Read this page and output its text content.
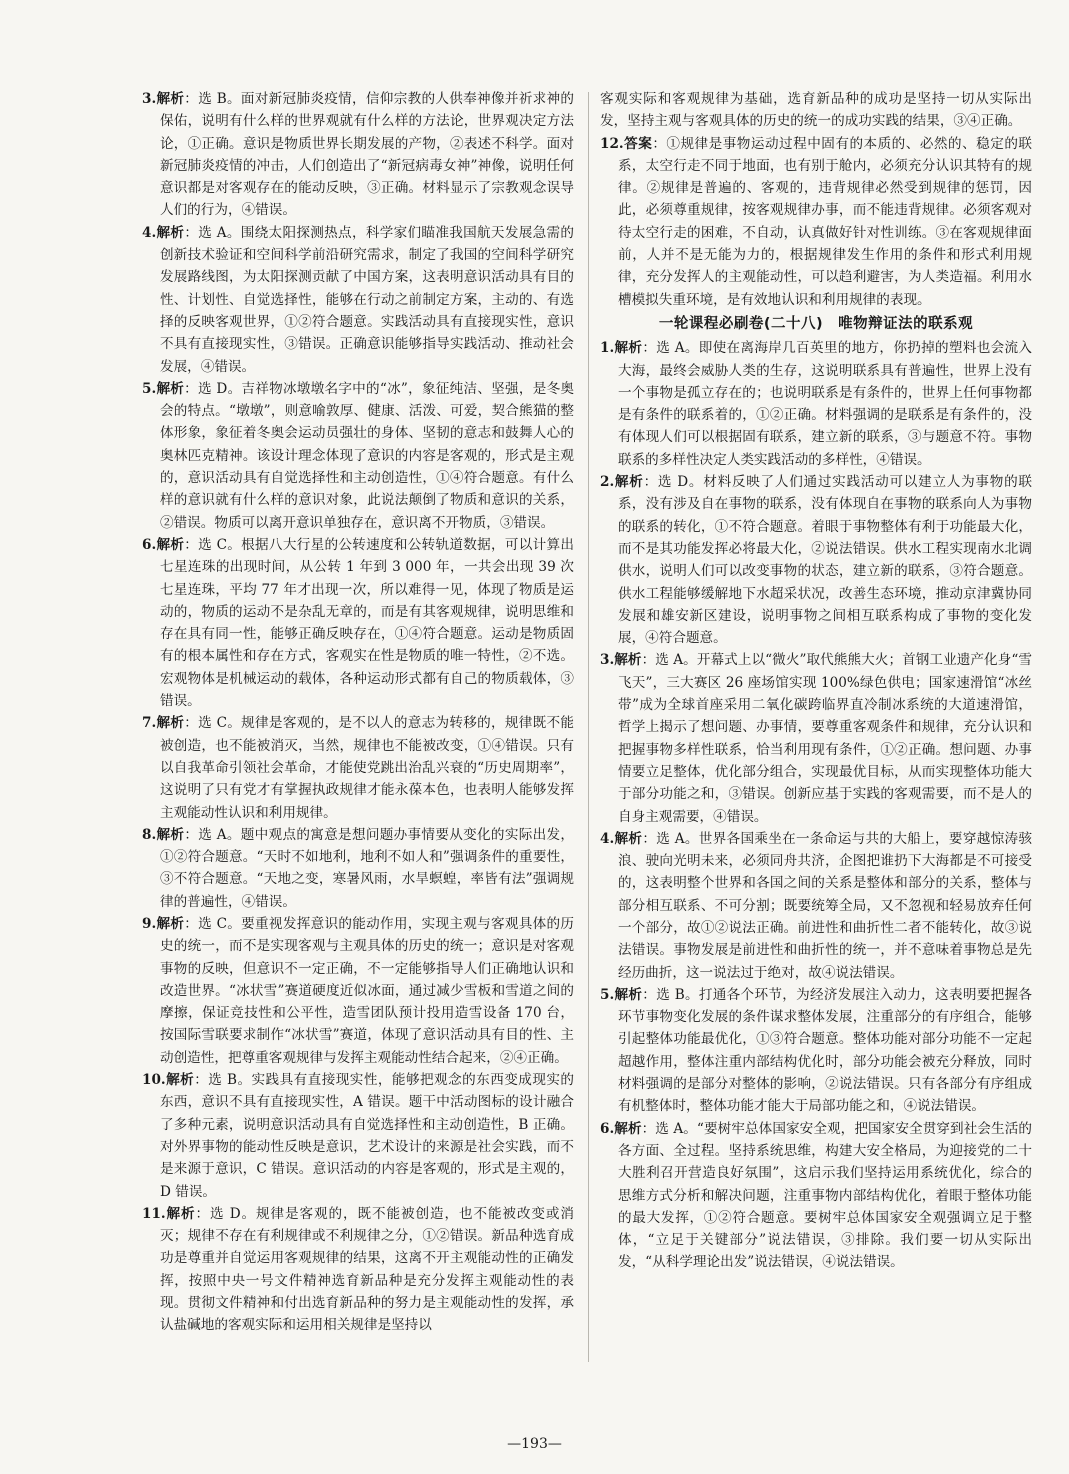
3.解析：选 B。面对新冠肺炎疫情，信仰宗教的人供奉神像并祈求神的保佑，说明有什么样的世界观就有什么样的方法论，世界观决定方法论，①正确。意识是物质世界长期发展的产物，②表述不科学。面对新冠肺炎疫情的冲击，人们创造出了“新冠病毒女神”神像，说明任何意识都是对客观存在的能动反映，③正确。材料显示了宗教观念误导人们的行为，④错误。
4.解析：选 A。围绕太阳探测热点，科学家们瞄准我国航天发展急需的创新技术验证和空间科学前沿研究需求，制定了我国的空间科学研究发展路线图，为太阳探测贡献了中国方案，这表明意识活动具有目的性、计划性、自觉选择性，能够在行动之前制定方案，主动的、有选择的反映客观世界，①②符合题意。实践活动具有直接现实性，意识不具有直接现实性，③错误。正确意识能够指导实践活动、推动社会发展，④错误。
5.解析：选 D。吉祥物冰墩墩名字中的“冰”，象征纯洁、坚强，是冬奥会的特点。“墩墩”，则意喻敦厚、健康、活泼、可爱，契合熊猫的整体形象，象征着冬奥会运动员强壮的身体、坚韧的意志和鼓舞人心的奥林匹克精神。该设计理念体现了意识的内容是客观的，形式是主观的，意识活动具有自觉选择性和主动创造性，①④符合题意。有什么样的意识就有什么样的意识对象，此说法颠倒了物质和意识的关系，②错误。物质可以离开意识单独存在，意识离不开物质，③错误。
6.解析：选 C。根据八大行星的公转速度和公转轨道数据，可以计算出七星连珠的出现时间，从公转 1 年到 3 000 年，一共会出现 39 次七星连珠，平均 77 年才出现一次，所以难得一见，体现了物质是运动的，物质的运动不是杂乱无章的，而是有其客观规律，说明思维和存在具有同一性，能够正确反映存在，①④符合题意。运动是物质固有的根本属性和存在方式，客观实在性是物质的唯一特性，②不选。宏观物体是机械运动的载体，各种运动形式都有自己的物质载体，③错误。
7.解析：选 C。规律是客观的，是不以人的意志为转移的，规律既不能被创造，也不能被消灭，当然，规律也不能被改变，①④错误。只有以自我革命引领社会革命，才能使党跳出治乱兴衰的“历史周期率”，这说明了只有党才有掌握执政规律才能永葆本色，也表明人能够发挥主观能动性认识和利用规律。
8.解析：选 A。题中观点的寓意是想问题办事情要从变化的实际出发，①②符合题意。“天时不如地利，地利不如人和”强调条件的重要性，③不符合题意。“天地之变，寒暑风雨，水旱螟蝗，率皆有法”强调规律的普遍性，④错误。
9.解析：选 C。要重视发挥意识的能动作用，实现主观与客观具体的历史的统一，而不是实现客观与主观具体的历史的统一；意识是对客观事物的反映，但意识不一定正确，不一定能够指导人们正确地认识和改造世界。“冰状雪”赛道硬度近似冰面，通过减少雪板和雪道之间的摩擦，保证竞技性和公平性，造雪团队预计投用造雪设备 170 台，按国际雪联要求制作“冰状雪”赛道，体现了意识活动具有目的性、主动创造性，把尊重客观规律与发挥主观能动性结合起来，②④正确。
10.解析：选 B。实践具有直接现实性，能够把观念的东西变成现实的东西，意识不具有直接现实性，A 错误。题干中活动图标的设计融合了多种元素，说明意识活动具有自觉选择性和主动创造性，B 正确。对外界事物的能动性反映是意识，艺术设计的来源是社会实践，而不是来源于意识，C 错误。意识活动的内容是客观的，形式是主观的，D 错误。
11.解析：选 D。规律是客观的，既不能被创造，也不能被改变或消灭；规律不存在有利规律或不利规律之分，①②错误。新品种选育成功是尊重并自觉运用客观规律的结果，这离不开主观能动性的正确发挥，按照中央一号文件精神选育新品种是充分发挥主观能动性的表现。贯彻文件精神和付出选育新品种的努力是主观能动性的发挥，承认盐碱地的客观实际和运用相关规律是坚持以
客观实际和客观规律为基础，选育新品种的成功是坚持一切从实际出发，坚持主观与客观具体的历史的统一的成功实践的结果，③④正确。
12.答案：①规律是事物运动过程中固有的本质的、必然的、稳定的联系，太空行走不同于地面，也有别于舱内，必须充分认识其特有的规律。②规律是普遍的、客观的，违背规律必然受到规律的惩罚，因此，必须尊重规律，按客观规律办事，而不能违背规律。必须客观对待太空行走的困难，不自动，认真做好针对性训练。③在客观规律面前，人并不是无能为力的，根据规律发生作用的条件和形式利用规律，充分发挥人的主观能动性，可以趋利避害，为人类造福。利用水槽模拟失重环境，是有效地认识和利用规律的表现。
一轮课程必刷卷(二十八)　唯物辩证法的联系观
1.解析：选 A。即使在离海岸几百英里的地方，你扔掉的塑料也会流入大海，最终会威胁人类的生存，这说明联系具有普遍性，世界上没有一个事物是孤立存在的；也说明联系是有条件的，世界上任何事物都是有条件的联系着的，①②正确。材料强调的是联系是有条件的，没有体现人们可以根据固有联系，建立新的联系，③与题意不符。事物联系的多样性决定人类实践活动的多样性，④错误。
2.解析：选 D。材料反映了人们通过实践活动可以建立人为事物的联系，没有涉及自在事物的联系，没有体现自在事物的联系向人为事物的联系的转化，①不符合题意。着眼于事物整体有利于功能最大化，而不是其功能发挥必将最大化，②说法错误。供水工程实现南水北调供水，说明人们可以改变事物的状态，建立新的联系，③符合题意。供水工程能够缓解地下水超采状况，改善生态环境，推动京津冀协同发展和雄安新区建设，说明事物之间相互联系构成了事物的变化发展，④符合题意。
3.解析：选 A。开幕式上以“微火”取代熊熊大火；首钢工业遗产化身“雪飞天”，三大赛区 26 座场馆实现 100%绿色供电；国家速滑馆“冰丝带”成为全球首座采用二氧化碳跨临界直冷制冰系统的大道速滑馆，哲学上揭示了想问题、办事情，要尊重客观条件和规律，充分认识和把握事物多样性联系，恰当利用现有条件，①②正确。想问题、办事情要立足整体，优化部分组合，实现最优目标，从而实现整体功能大于部分功能之和，③错误。创新应基于实践的客观需要，而不是人的自身主观需要，④错误。
4.解析：选 A。世界各国乘坐在一条命运与共的大船上，要穿越惊涛骇浪、驶向光明未来，必须同舟共济，企图把谁扔下大海都是不可接受的，这表明整个世界和各国之间的关系是整体和部分的关系，整体与部分相互联系、不可分割；既要统筹全局，又不忽视和轻易放弃任何一个部分，故①②说法正确。前进性和曲折性二者不能转化，故③说法错误。事物发展是前进性和曲折性的统一，并不意味着事物总是先经历曲折，这一说法过于绝对，故④说法错误。
5.解析：选 B。打通各个环节，为经济发展注入动力，这表明要把握各环节事物变化发展的条件谋求整体发展，注重部分的有序组合，能够引起整体功能最优化，①③符合题意。整体功能对部分功能不一定起超越作用，整体注重内部结构优化时，部分功能会被充分释放，同时材料强调的是部分对整体的影响，②说法错误。只有各部分有序组成有机整体时，整体功能才能大于局部功能之和，④说法错误。
6.解析：选 A。“要树牢总体国家安全观，把国家安全贯穿到社会生活的各方面、全过程。坚持系统思维，构建大安全格局，为迎接党的二十大胜利召开营造良好氛围”，这启示我们坚持运用系统优化，综合的思维方式分析和解决问题，注重事物内部结构优化，着眼于整体功能的最大发挥，①②符合题意。要树牢总体国家安全观强调立足于整体，“立足于关键部分”说法错误，③排除。我们要一切从实际出发，“从科学理论出发”说法错误，④说法错误。
—193—
